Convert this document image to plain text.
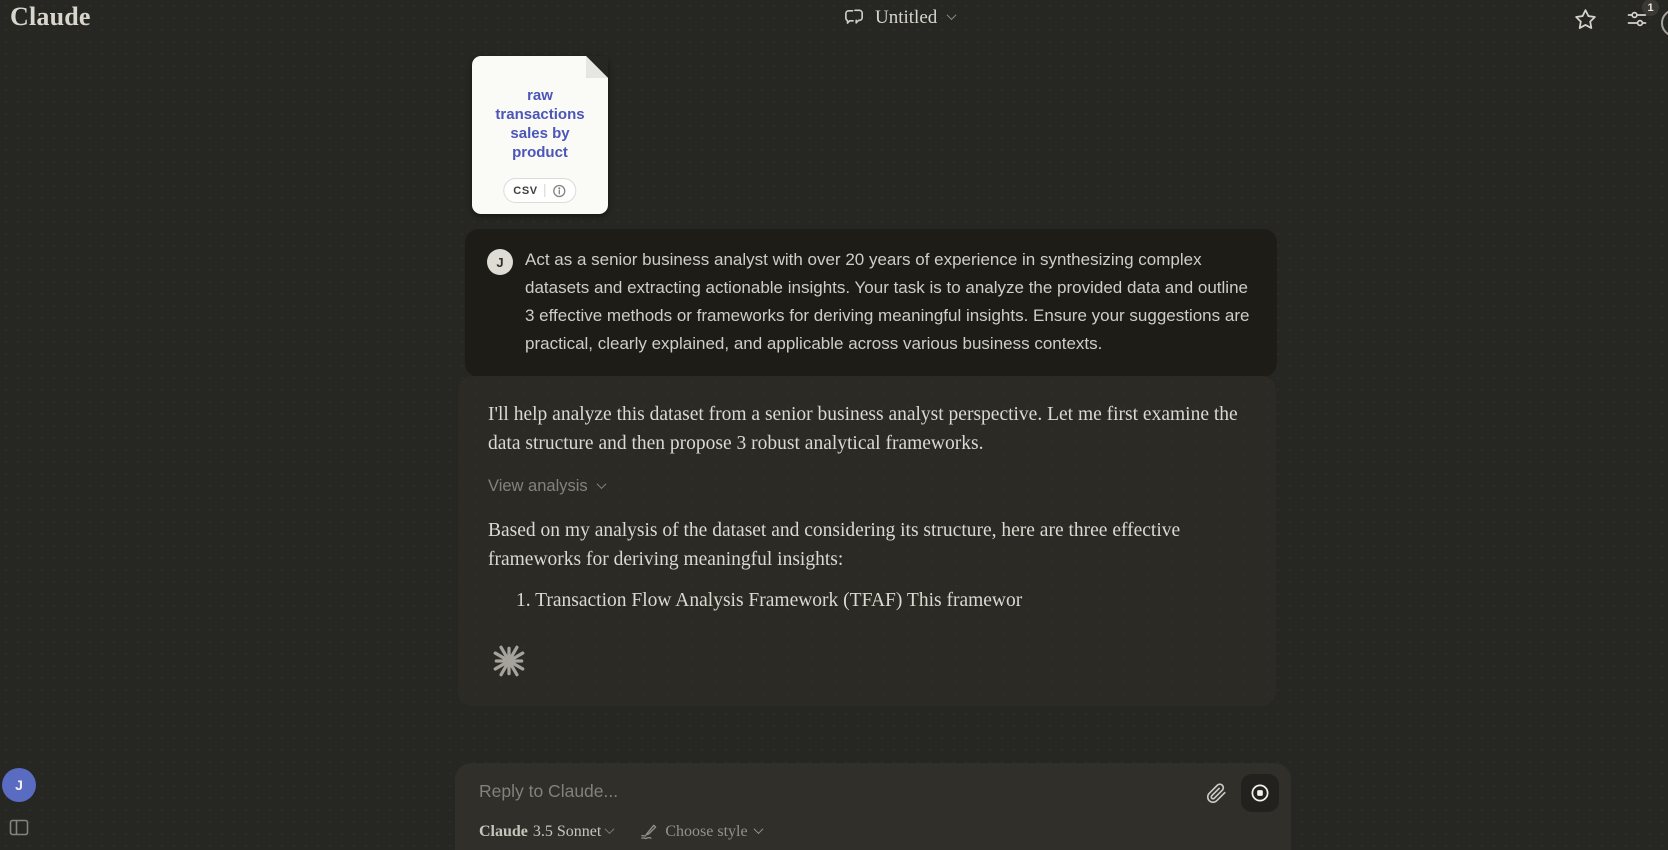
Claude	Untitled	1
raw transactions sales by product
CSV
J	Act as a senior business analyst with over 20 years of experience in synthesizing complex datasets and extracting actionable insights. Your task is to analyze the provided data and outline 3 effective methods or frameworks for deriving meaningful insights. Ensure your suggestions are practical, clearly explained, and applicable across various business contexts.

I'll help analyze this dataset from a senior business analyst perspective. Let me first examine the data structure and then propose 3 robust analytical frameworks.

View analysis

Based on my analysis of the dataset and considering its structure, here are three effective frameworks for deriving meaningful insights:

1. Transaction Flow Analysis Framework (TFAF) This framewor
Reply to Claude...
Claude 3.5 Sonnet	Choose style
J
